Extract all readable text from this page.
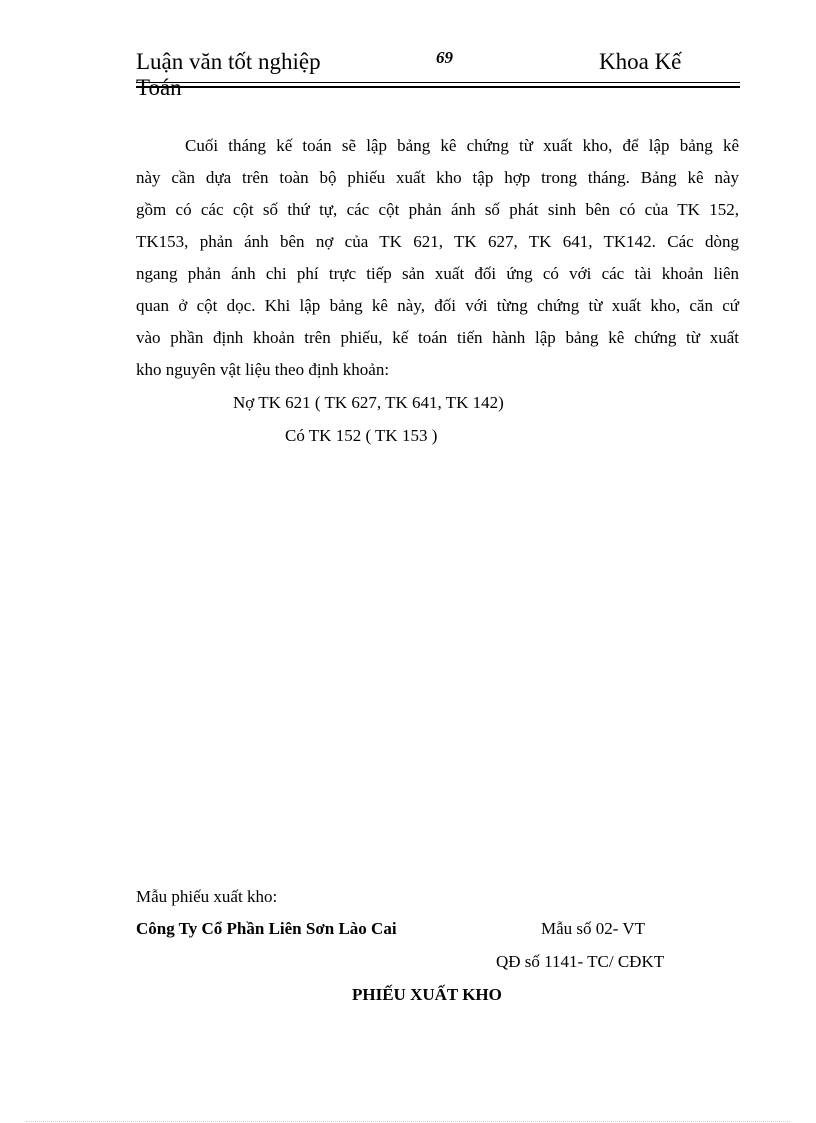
Luận văn tốt nghiệp
Toán
69	Khoa Kế
Cuối tháng kế toán sẽ lập bảng kê chứng từ xuất kho, để lập bảng kê
này cần dựa trên toàn bộ phiếu xuất kho tập hợp trong tháng. Bảng kê này
gồm có các cột số thứ tự, các cột phản ánh số phát sinh bên có của TK 152,
TK153, phản ánh bên nợ của TK 621, TK 627, TK 641, TK142. Các dòng
ngang phản ánh chi phí trực tiếp sản xuất đối ứng có với các tài khoản liên
quan ở cột dọc. Khi lập bảng kê này, đối với từng chứng từ xuất kho, căn cứ
vào phần định khoản trên phiếu, kế toán tiến hành lập bảng kê chứng từ xuất
kho nguyên vật liệu theo định khoản:
Nợ TK 621 ( TK 627, TK 641, TK 142)
Có TK 152 ( TK 153 )
Mẫu phiếu xuất kho:
Công Ty Cổ Phần Liên Sơn Lào Cai	Mẫu số 02- VT
QĐ số 1141- TC/ CĐKT
PHIẾU XUẤT KHO
